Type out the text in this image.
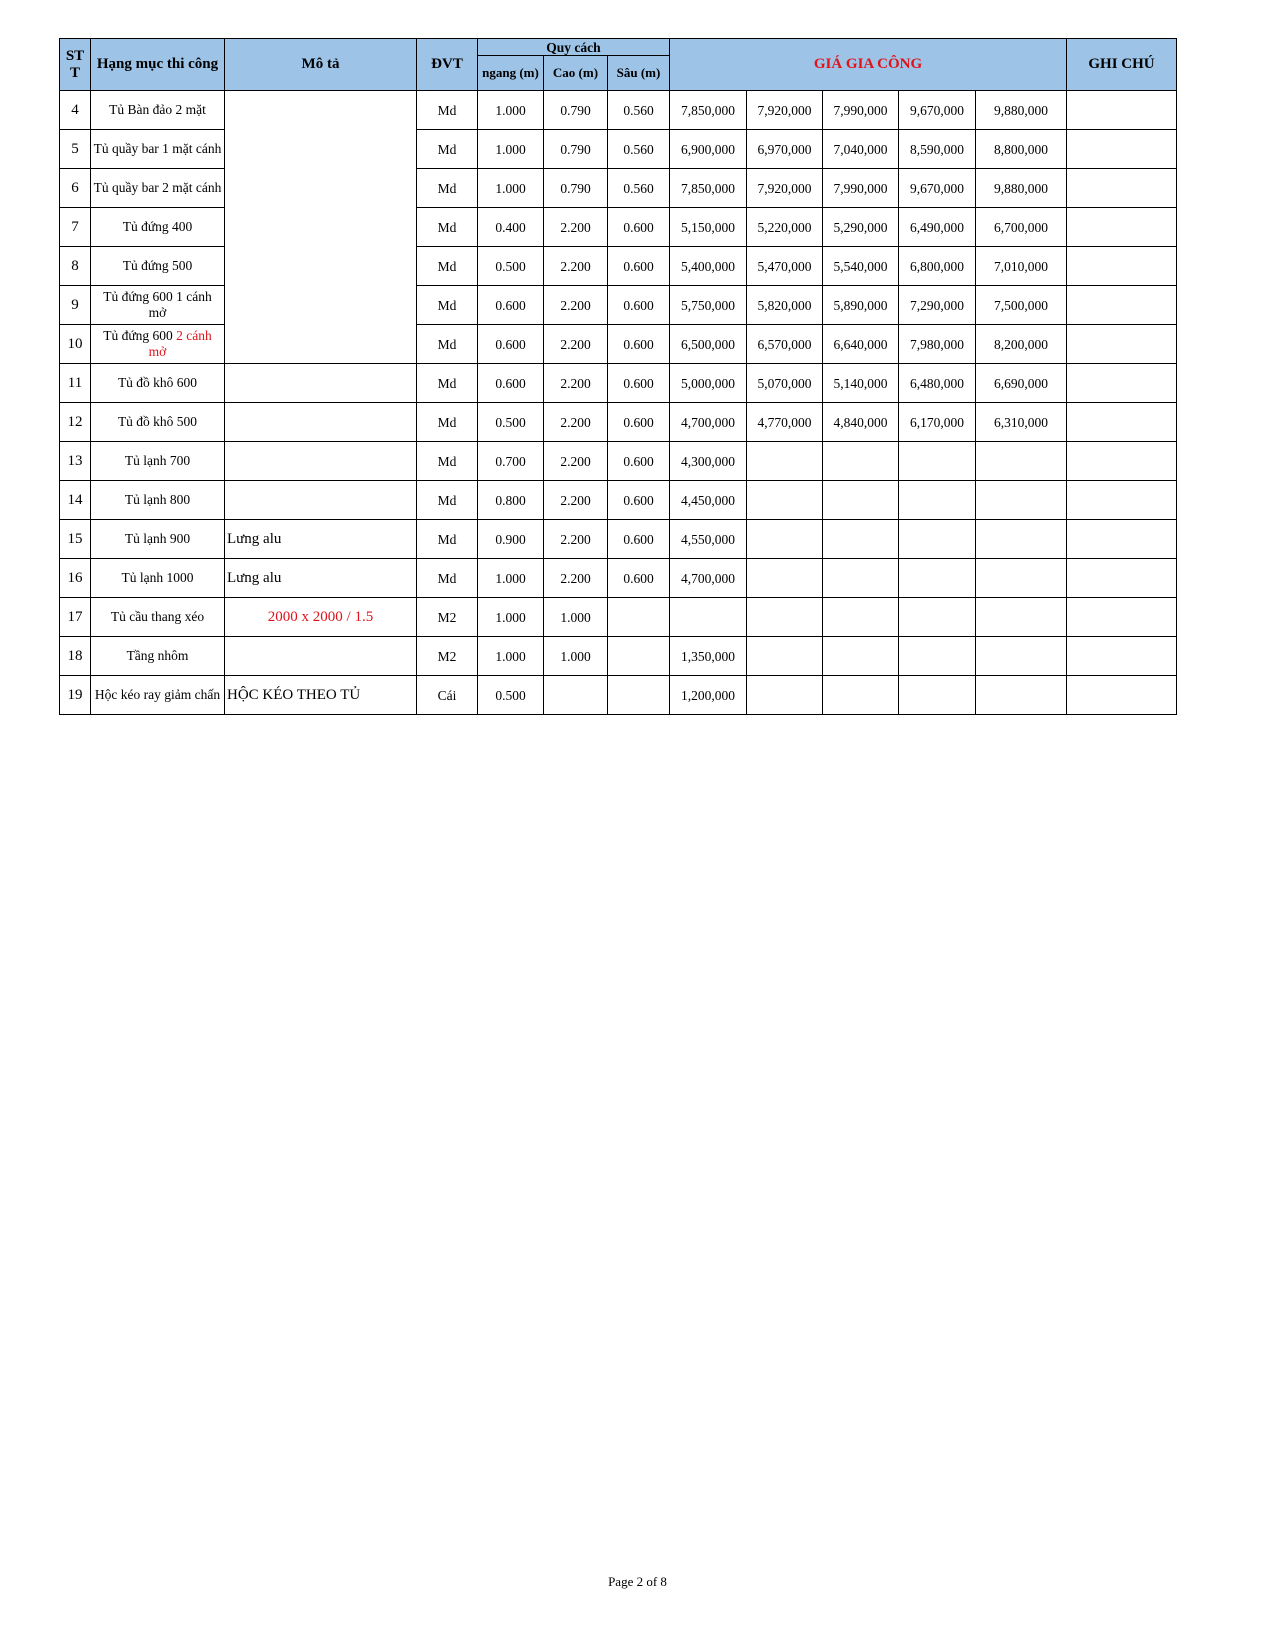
ST T	Hạng mục thi công	Mô tả	ĐVT	Quy cách			GIÁ GIA CÔNG					GHI CHÚ
				ngang (m)	Cao (m)	Sâu (m)						
4	Tủ Bàn đảo 2 mặt		Md	1.000	0.790	0.560	7,850,000	7,920,000	7,990,000	9,670,000	9,880,000	
5	Tủ quầy bar 1 mặt cánh		Md	1.000	0.790	0.560	6,900,000	6,970,000	7,040,000	8,590,000	8,800,000	
6	Tủ quầy bar 2 mặt cánh		Md	1.000	0.790	0.560	7,850,000	7,920,000	7,990,000	9,670,000	9,880,000	
7	Tủ đứng 400		Md	0.400	2.200	0.600	5,150,000	5,220,000	5,290,000	6,490,000	6,700,000	
8	Tủ đứng 500		Md	0.500	2.200	0.600	5,400,000	5,470,000	5,540,000	6,800,000	7,010,000	
9	Tủ đứng 600 1 cánh mở		Md	0.600	2.200	0.600	5,750,000	5,820,000	5,890,000	7,290,000	7,500,000	
10	Tủ đứng 600 2 cánh mở		Md	0.600	2.200	0.600	6,500,000	6,570,000	6,640,000	7,980,000	8,200,000	
11	Tủ đồ khô 600		Md	0.600	2.200	0.600	5,000,000	5,070,000	5,140,000	6,480,000	6,690,000	
12	Tủ đồ khô 500		Md	0.500	2.200	0.600	4,700,000	4,770,000	4,840,000	6,170,000	6,310,000	
13	Tủ lạnh 700		Md	0.700	2.200	0.600	4,300,000					
14	Tủ lạnh 800		Md	0.800	2.200	0.600	4,450,000					
15	Tủ lạnh 900	Lưng alu	Md	0.900	2.200	0.600	4,550,000					
16	Tủ lạnh 1000	Lưng alu	Md	1.000	2.200	0.600	4,700,000					
17	Tủ cầu thang xéo	2000 x 2000 / 1.5	M2	1.000	1.000							
18	Tầng nhôm		M2	1.000	1.000		1,350,000					
19	Hộc kéo ray giảm chấn	HỘC KÉO THEO TỦ	Cái	0.500			1,200,000					
Page 2 of 8
